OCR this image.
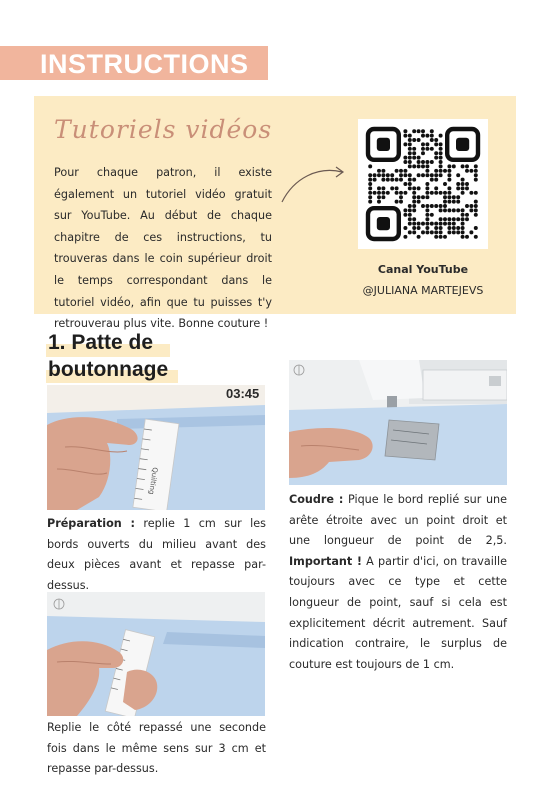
INSTRUCTIONS
Tutoriels vidéos

Pour chaque patron, il existe également un tutoriel vidéo gratuit sur YouTube. Au début de chaque chapitre de ces instructions, tu trouveras dans le coin supérieur droit le temps correspondant dans le tutoriel vidéo, afin que tu puisses t'y retrouverau plus vite. Bonne couture !

Canal YouTube
@JULIANA MARTEJEVS
1. Patte de
boutonnage
Quilting
03:45

Préparation : replie 1 cm sur les bords ouverts du milieu avant des deux pièces avant et repasse par-dessus.

Coudre : Pique le bord replié sur une arête étroite avec un point droit et une longueur de point de 2,5. Important ! A partir d'ici, on travaille toujours avec ce type et cette longueur de point, sauf si cela est explicitement décrit autrement. Sauf indication contraire, le surplus de couture est toujours de 1 cm.

Replie le côté repassé une seconde fois dans le même sens sur 3 cm et repasse par-dessus.
